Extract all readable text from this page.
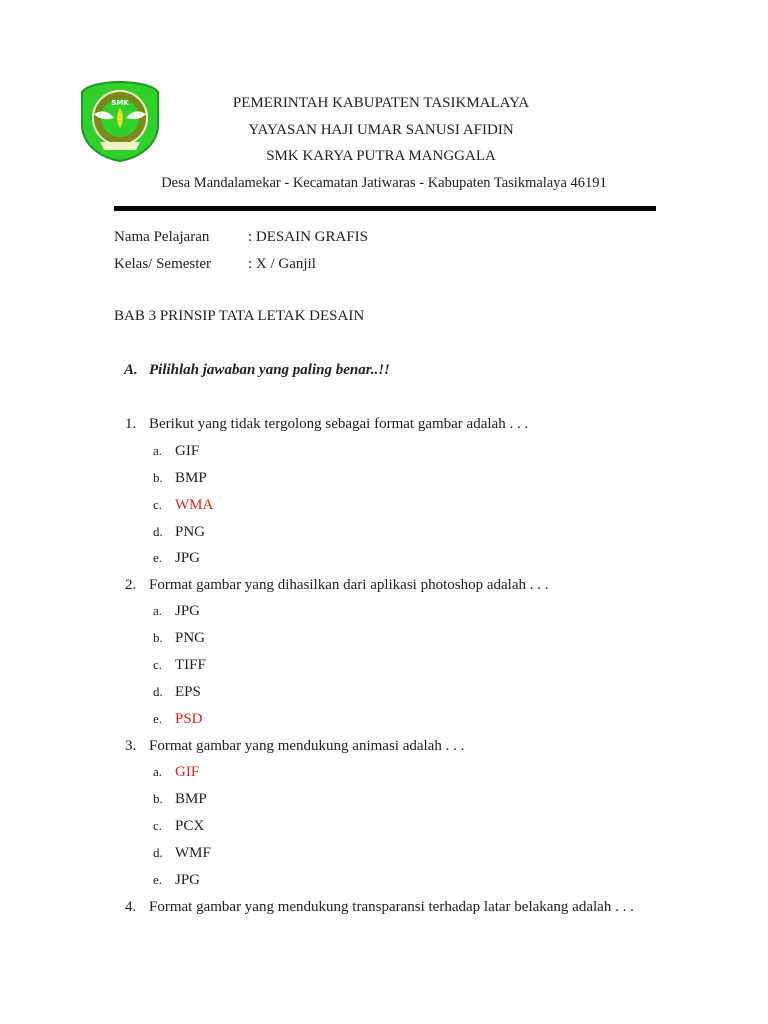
SMK	PEMERINTAH KABUPATEN TASIKMALAYA
YAYASAN HAJI UMAR SANUSI AFIDIN
SMK KARYA PUTRA MANGGALA
Desa Mandalamekar - Kecamatan Jatiwaras - Kabupaten Tasikmalaya 46191
Nama Pelajaran	: DESAIN GRAFIS
Kelas/ Semester : X / Ganjil
BAB 3 PRINSIP TATA LETAK DESAIN
A. Pilihlah jawaban yang paling benar..!!
1. Berikut yang tidak tergolong sebagai format gambar adalah . . .
a. GIF
b. BMP
c. WMA
d. PNG
e. JPG
2. Format gambar yang dihasilkan dari aplikasi photoshop adalah . . .
a. JPG
b. PNG
c. TIFF
d. EPS
e. PSD
3. Format gambar yang mendukung animasi adalah . . .
a. GIF
b. BMP
c. PCX
d. WMF
e. JPG
4. Format gambar yang mendukung transparansi terhadap latar belakang adalah . . .
